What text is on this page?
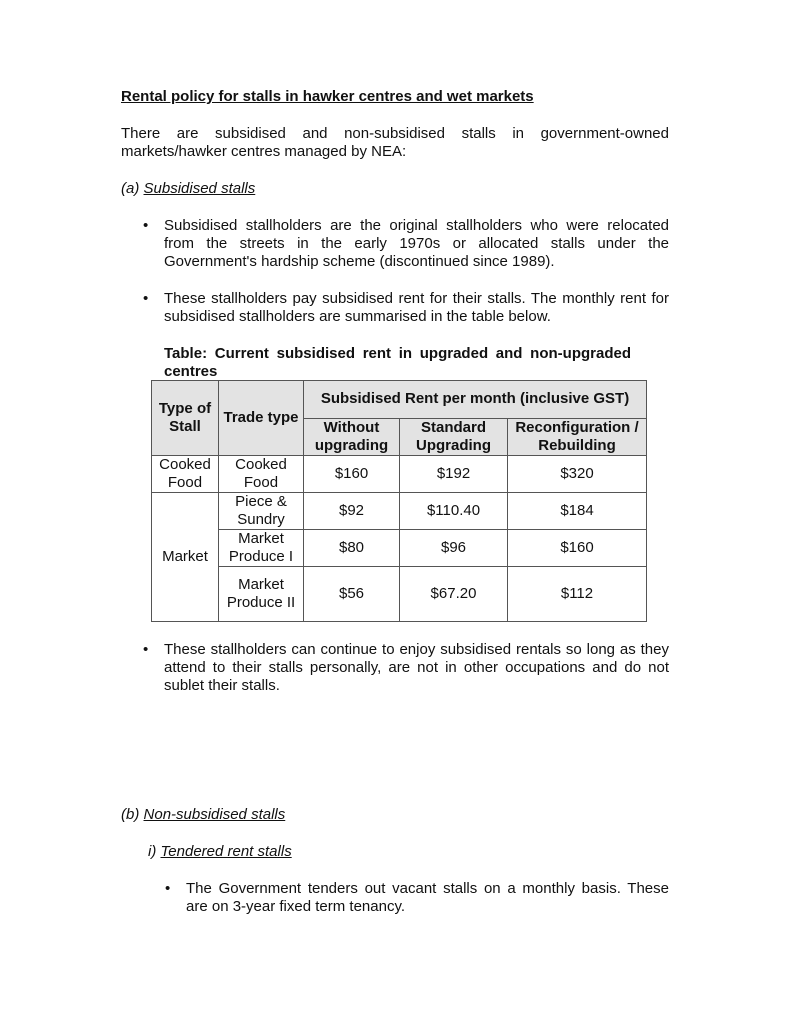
Rental policy for stalls in hawker centres and wet markets
There are subsidised and non-subsidised stalls in government-owned markets/hawker centres managed by NEA:
(a) Subsidised stalls
• Subsidised stallholders are the original stallholders who were relocated from the streets in the early 1970s or allocated stalls under the Government's hardship scheme (discontinued since 1989).
• These stallholders pay subsidised rent for their stalls. The monthly rent for subsidised stallholders are summarised in the table below.
Table: Current subsidised rent in upgraded and non-upgraded centres
Type of Stall	Trade type	Subsidised Rent per month (inclusive GST)		
		Without upgrading	Standard Upgrading	Reconfiguration / Rebuilding
Cooked Food	Cooked Food	$160	$192	$320
Market	Piece & Sundry	$92	$110.40	$184
	Market Produce I	$80	$96	$160
	Market Produce II	$56	$67.20	$112
• These stallholders can continue to enjoy subsidised rentals so long as they attend to their stalls personally, are not in other occupations and do not sublet their stalls.
(b) Non-subsidised stalls
i) Tendered rent stalls
• The Government tenders out vacant stalls on a monthly basis. These are on 3-year fixed term tenancy.
